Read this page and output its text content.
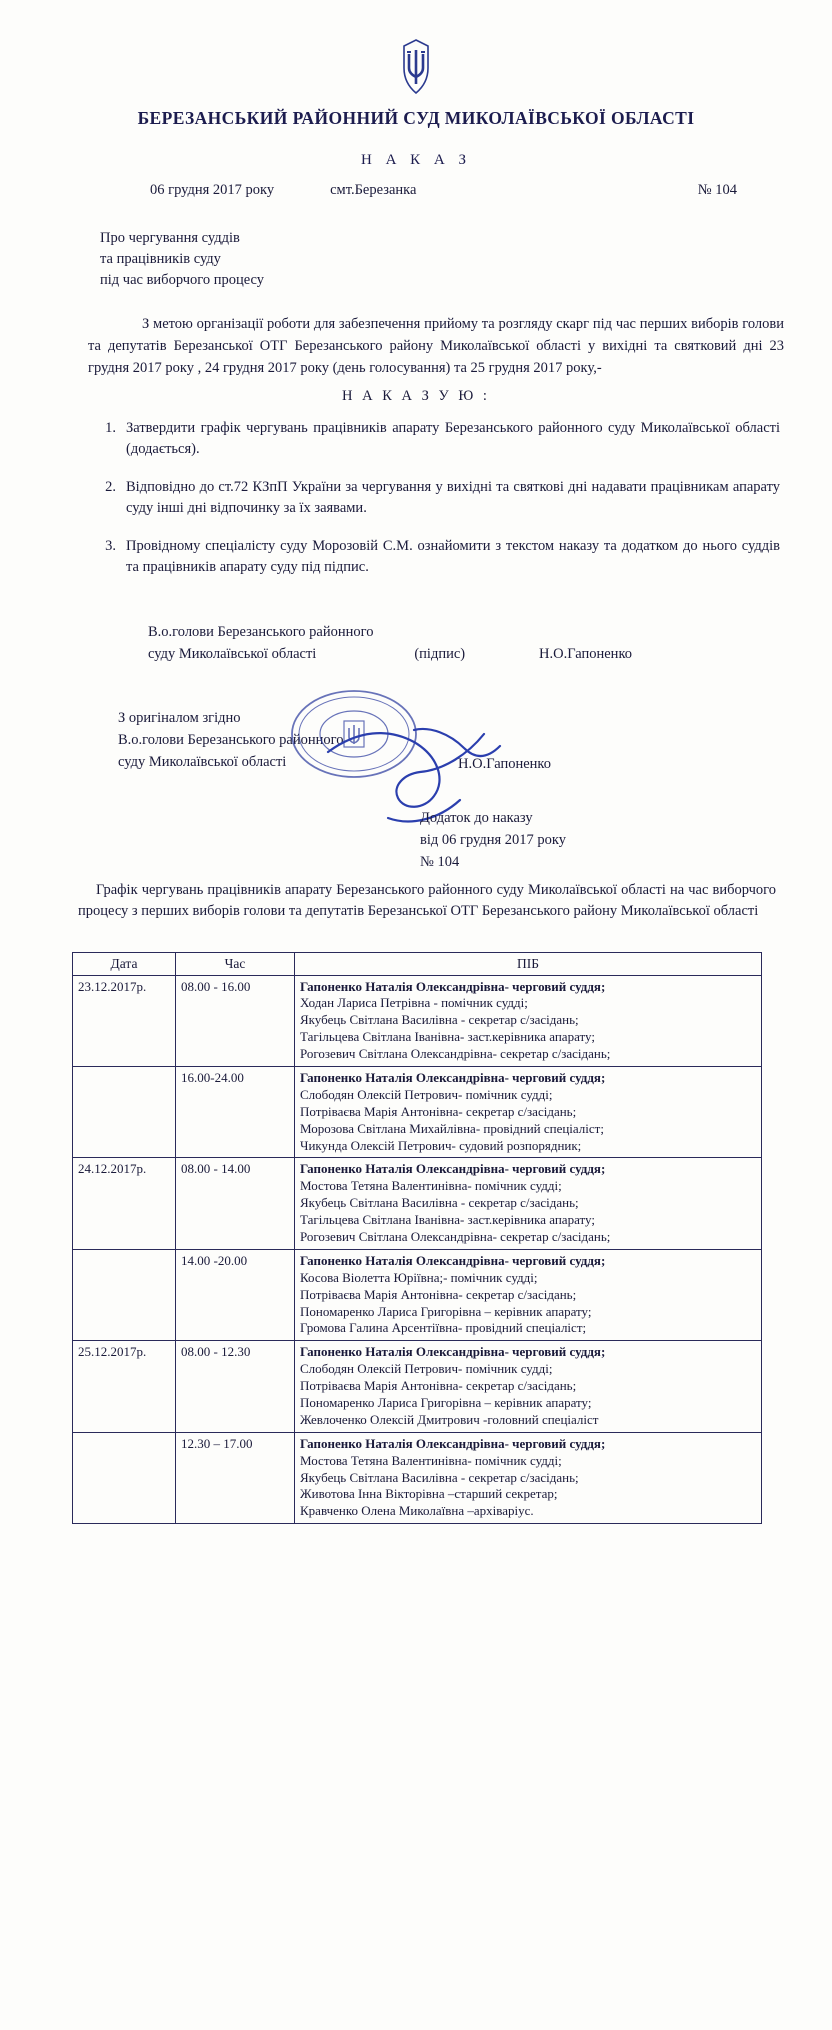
БЕРЕЗАНСЬКИЙ РАЙОННИЙ СУД МИКОЛАЇВСЬКОЇ ОБЛАСТІ
Н А К А З
06 грудня 2017 року	смт.Березанка	№ 104
Про чергування суддів
та працівників суду
під час виборчого процесу
З метою організації роботи для забезпечення прийому та розгляду скарг під час перших виборів голови та депутатів Березанської ОТГ Березанського району Миколаївської області у вихідні та святковий дні 23 грудня 2017 року , 24 грудня 2017 року (день голосування) та 25 грудня 2017 року,-
Н А К А З У Ю :
1. Затвердити графік чергувань працівників апарату Березанського районного суду Миколаївської області (додається).
2. Відповідно до ст.72 КЗпП України за чергування у вихідні та святкові дні надавати працівникам апарату суду інші дні відпочинку за їх заявами.
3. Провідному спеціалісту суду Морозовій С.М. ознайомити з текстом наказу та додатком до нього суддів та працівників апарату суду під підпис.
В.о.голови Березанського районного
суду Миколаївської області	(підпис)	Н.О.Гапоненко
З оригіналом згідно
В.о.голови Березанського районного
суду Миколаївської області	Н.О.Гапоненко
Додаток до наказу
від 06 грудня 2017 року
№ 104
Графік чергувань працівників апарату Березанського районного суду Миколаївської області на час виборчого процесу з перших виборів голови та депутатів Березанської ОТГ Березанського району Миколаївської області
Дата	Час	ПІБ
23.12.2017р.	08.00 - 16.00	Гапоненко Наталія Олександрівна- черговий суддя;
Ходан Лариса Петрівна - помічник судді;
Якубець Світлана Василівна - секретар с/засідань;
Тагільцева Світлана Іванівна- заст.керівника апарату;
Рогозевич Світлана Олександрівна- секретар с/засідань;

	16.00-24.00	Гапоненко Наталія Олександрівна- черговий суддя;
Слободян Олексій Петрович- помічник судді;
Потріваєва Марія Антонівна- секретар с/засідань;
Морозова Світлана Михайлівна- провідний спеціаліст;
Чикунда Олексій Петрович- судовий розпорядник;

24.12.2017р.	08.00 - 14.00	Гапоненко Наталія Олександрівна- черговий суддя;
Мостова Тетяна Валентинівна- помічник судді;
Якубець Світлана Василівна - секретар с/засідань;
Тагільцева Світлана Іванівна- заст.керівника апарату;
Рогозевич Світлана Олександрівна- секретар с/засідань;

	14.00 -20.00	Гапоненко Наталія Олександрівна- черговий суддя;
Косова Віолетта Юріївна;- помічник судді;
Потріваєва Марія Антонівна- секретар с/засідань;
Пономаренко Лариса Григорівна – керівник апарату;
Громова Галина Арсентіївна- провідний спеціаліст;

25.12.2017р.	08.00 - 12.30	Гапоненко Наталія Олександрівна- черговий суддя;
Слободян Олексій Петрович- помічник судді;
Потріваєва Марія Антонівна- секретар с/засідань;
Пономаренко Лариса Григорівна – керівник апарату;
Жевлоченко Олексій Дмитрович -головний спеціаліст

	12.30 – 17.00	Гапоненко Наталія Олександрівна- черговий суддя;
Мостова Тетяна Валентинівна- помічник судді;
Якубець Світлана Василівна - секретар с/засідань;
Животова Інна Вікторівна –старший секретар;
Кравченко Олена Миколаївна –архіваріус.
